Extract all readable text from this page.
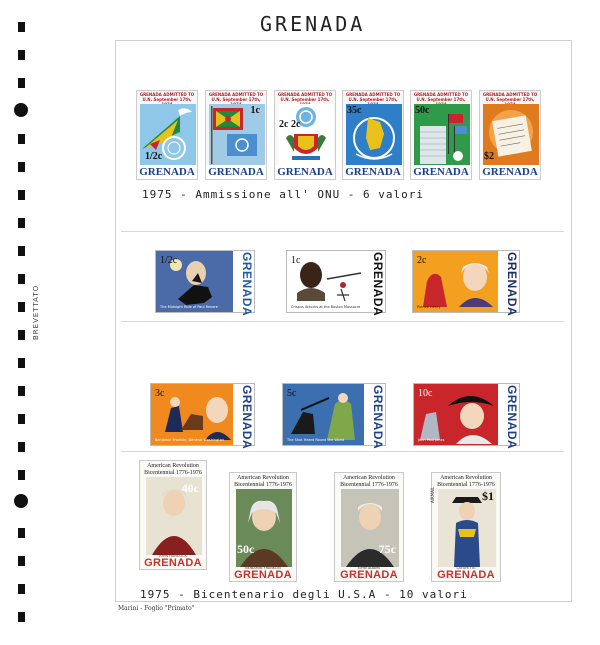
BREVETTATO
GRENADA
GRENADA ADMITTED TO U.N. September 17th,
1/2c
GRENADA
GRENADA ADMITTED TO U.N. September 17th,
1c
GRENADA
GRENADA ADMITTED TO U.N. September 17th,
2c 2c
GRENADA
GRENADA ADMITTED TO U.N. September 17th,
35c
GRENADA
GRENADA ADMITTED TO U.N. September 17th,
50c
GRENADA
GRENADA ADMITTED TO U.N. September 17th,
$2
GRENADA
1975 - Ammissione all' ONU - 6 valori
1/2c
The Midnight Ride of Paul Revere GRENADA	1c
Crispus Attucks at the Boston Massacre GRENADA	2c
Patrick Henry	GRENADA
3c
Benjamin Franklin, General Washington GRENADA	5c
The Shot Heard Round the World GRENADA	10c
John Paul Jones	GRENADA
American Revolution Bicentennial 1776-1976
40c
JOHN HANCOCK
GRENADA
American Revolution Bicentennial 1776-1976
50c
BENJAMIN FRANKLIN
GRENADA
American Revolution Bicentennial 1776-1976
75c
JOHN ADAMS
GRENADA
American Revolution Bicentennial 1776-1976
AIRMAIL	$1
LAFAYETTE
GRENADA
1975 - Bicentenario degli U.S.A - 10 valori
Marini - Foglio "Primato"
